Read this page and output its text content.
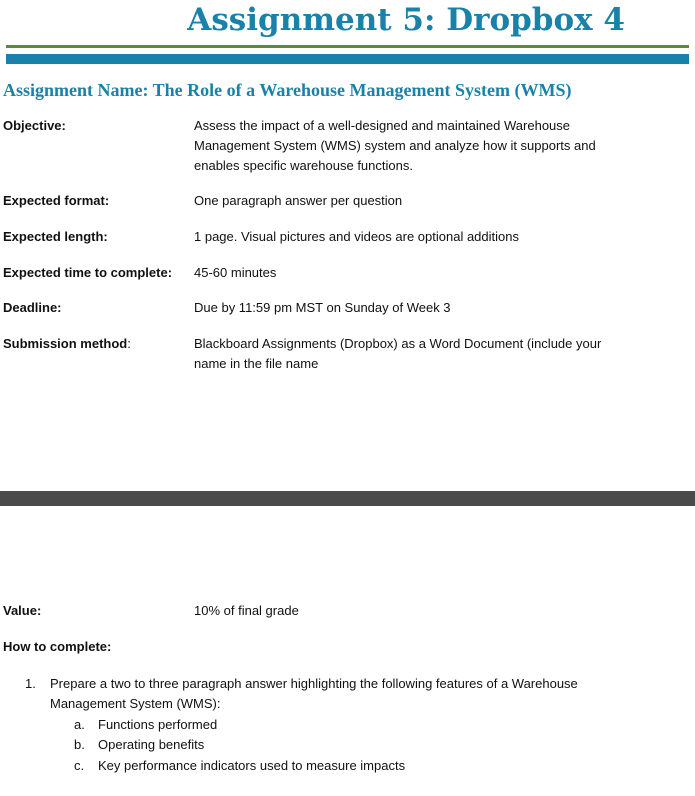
Assignment 5: Dropbox 4
Assignment Name: The Role of a Warehouse Management System (WMS)
Objective:	Assess the impact of a well-designed and maintained Warehouse Management System (WMS) system and analyze how it supports and enables specific warehouse functions.
Expected format:	One paragraph answer per question
Expected length:	1 page. Visual pictures and videos are optional additions
Expected time to complete: 45-60 minutes
Deadline:	Due by 11:59 pm MST on Sunday of Week 3
Submission method:	Blackboard Assignments (Dropbox) as a Word Document (include your name in the file name
Value:	10% of final grade
How to complete:
1. Prepare a two to three paragraph answer highlighting the following features of a Warehouse Management System (WMS):
a. Functions performed
b. Operating benefits
c. Key performance indicators used to measure impacts
